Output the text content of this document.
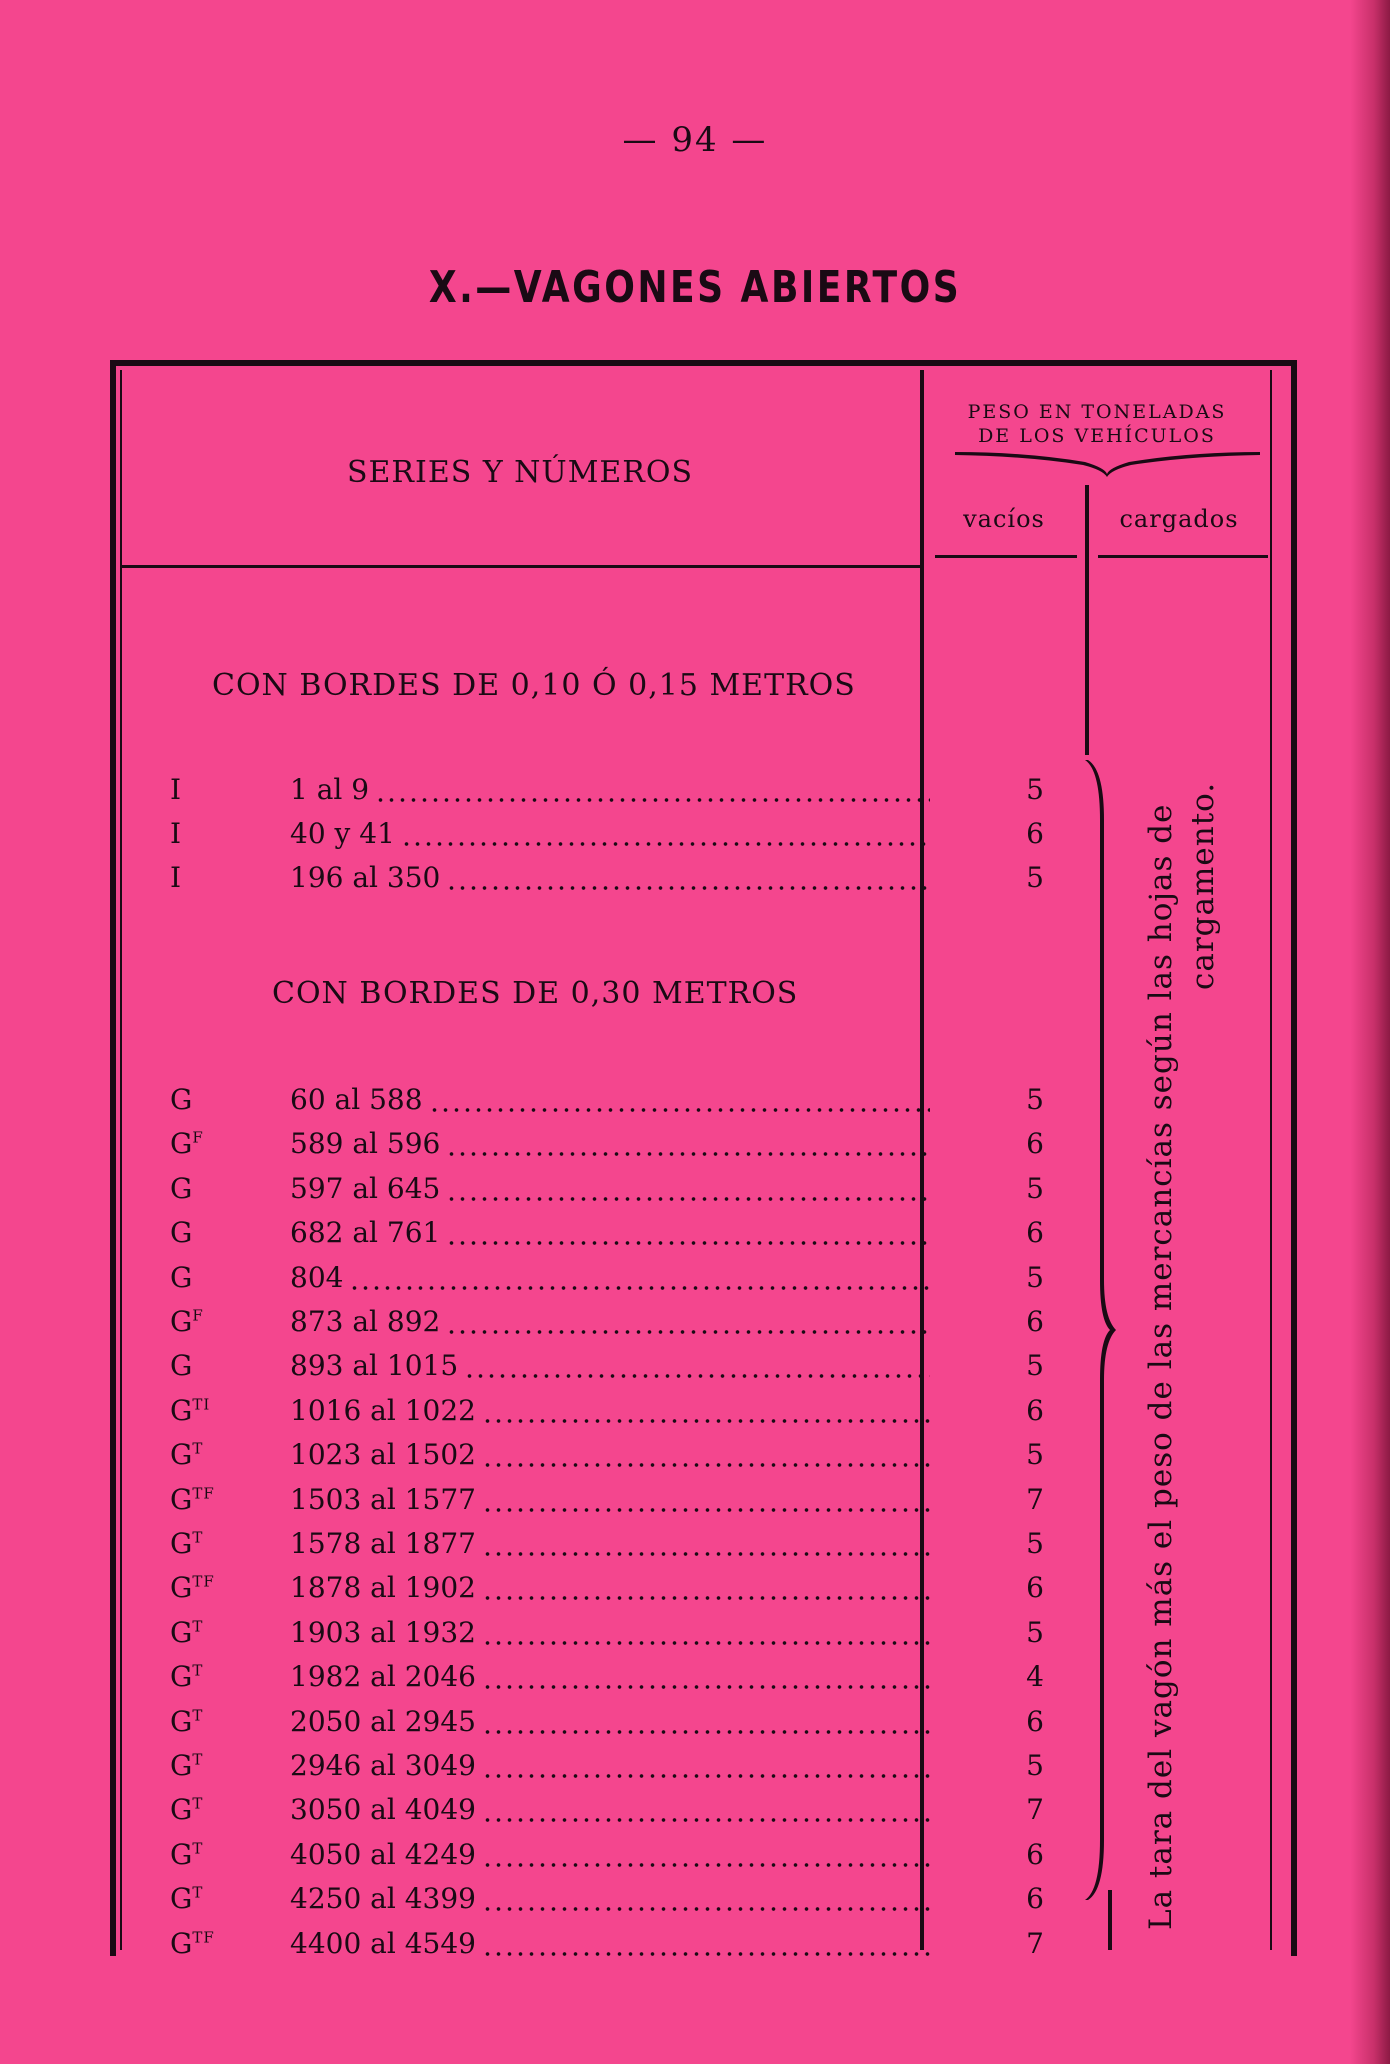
— 94 —
X.—VAGONES ABIERTOS
SERIES Y NÚMEROS
PESO EN TONELADAS
DE LOS VEHÍCULOS
vacíos	cargados
CON BORDES DE 0,10 Ó 0,15 METROS
CON BORDES DE 0,30 METROS
I	1 al 9	5
I	40 y 41	6
I	196 al 350	5
G	60 al 588	5
$G^F$	589 al 596	6
G	597 al 645	5
G	682 al 761	6
G	804	5
$G^F$	873 al 892	6
G	893 al 1015	5
$G^{TI}$	1016 al 1022	6
$G^T$	1023 al 1502	5
$G^{TF}$	1503 al 1577	7
$G^T$	1578 al 1877	5
$G^{TF}$	1878 al 1902	6
$G^T$	1903 al 1932	5
$G^T$	1982 al 2046	4
$G^T$	2050 al 2945	6
$G^T$	2946 al 3049	5
$G^T$	3050 al 4049	7
$G^T$	4050 al 4249	6
$G^T$	4250 al 4399	6
$G^{TF}$	4400 al 4549	7
La tara del vagón más el peso de las mercancías según las hojas de cargamento.
